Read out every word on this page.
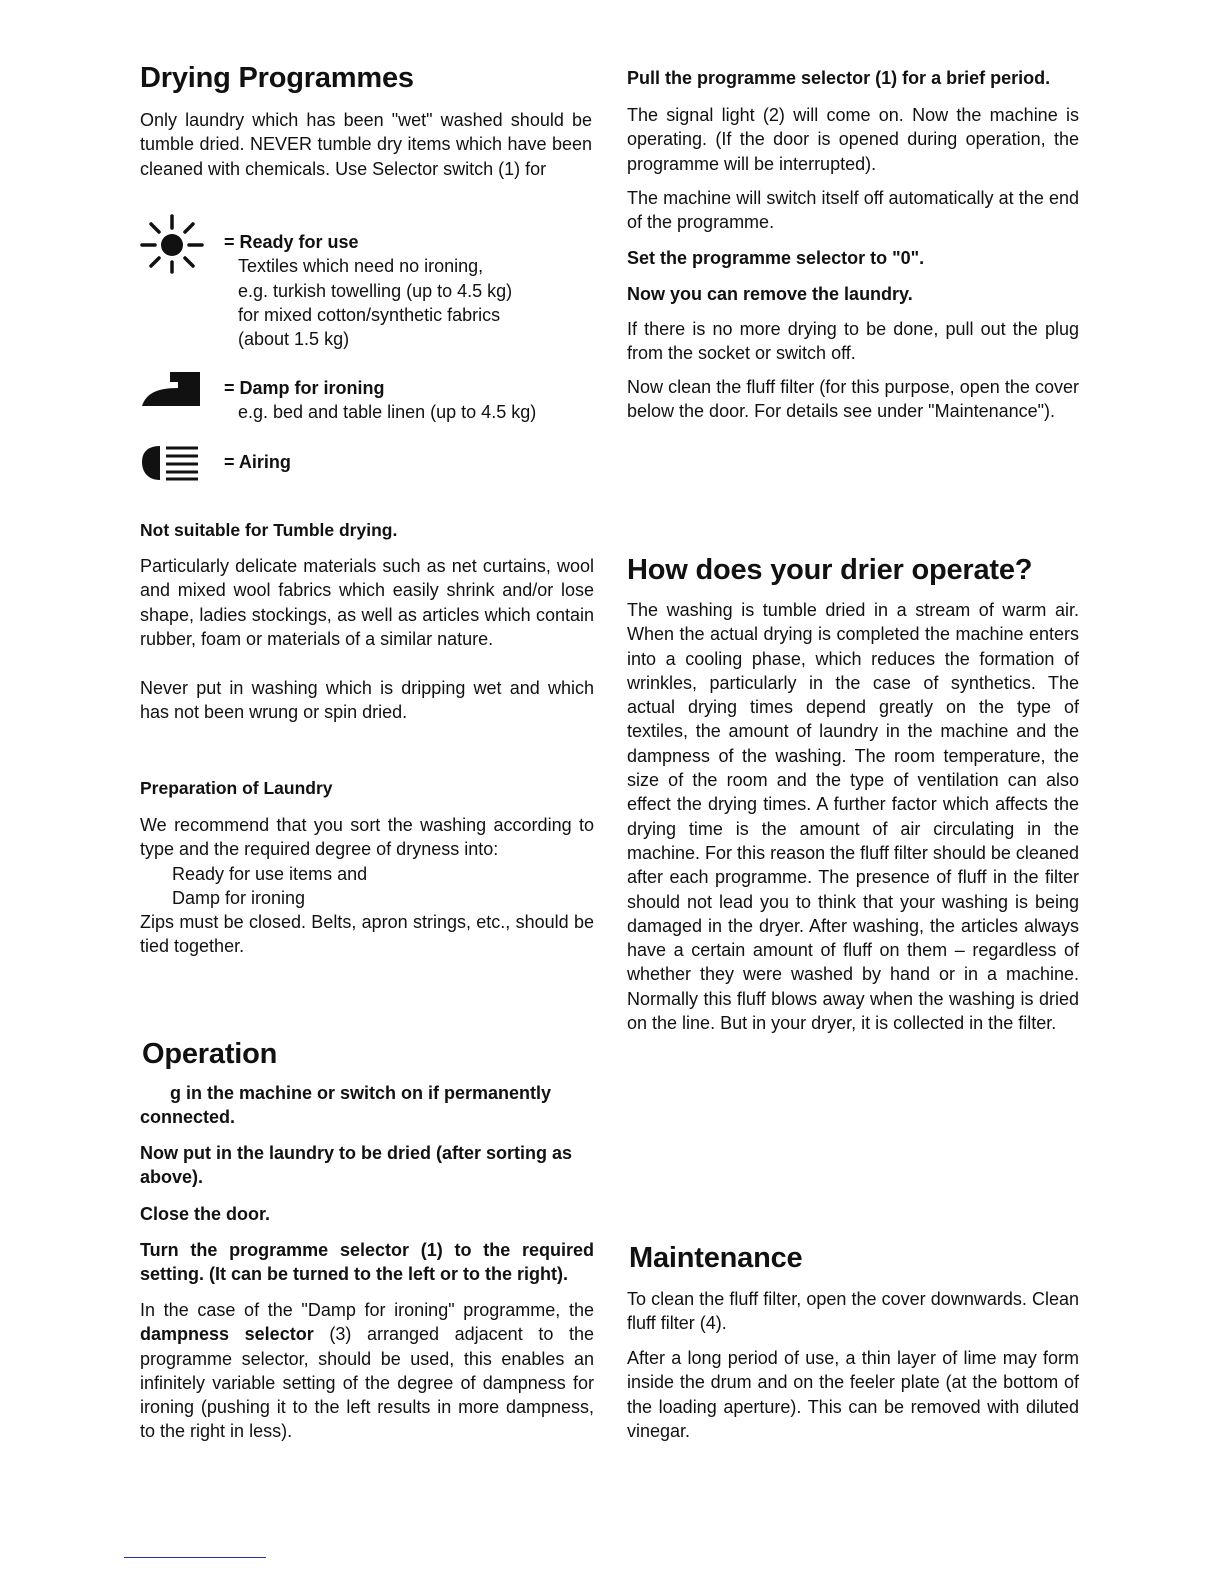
Drying Programmes

Only laundry which has been "wet" washed should be tumble dried. NEVER tumble dry items which have been cleaned with chemicals. Use Selector switch (1) for

= Ready for use

Textiles which need no ironing,

e.g. turkish towelling (up to 4.5 kg)

for mixed cotton/synthetic fabrics

(about 1.5 kg)

= Damp for ironing

e.g. bed and table linen (up to 4.5 kg)

= Airing

Not suitable for Tumble drying.

Particularly delicate materials such as net curtains, wool and mixed wool fabrics which easily shrink and/or lose shape, ladies stockings, as well as articles which contain rubber, foam or materials of a similar nature.

Never put in washing which is dripping wet and which has not been wrung or spin dried.

Preparation of Laundry

We recommend that you sort the washing according to type and the required degree of dryness into:

Ready for use items and

Damp for ironing

Zips must be closed. Belts, apron strings, etc., should be tied together.

Operation

g in the machine or switch on if permanently connected.

Now put in the laundry to be dried (after sorting as above).

Close the door.

Turn the programme selector (1) to the required setting. (It can be turned to the left or to the right).

In the case of the "Damp for ironing" programme, the dampness selector (3) arranged adjacent to the programme selector, should be used, this enables an infinitely variable setting of the degree of dampness for ironing (pushing it to the left results in more dampness, to the right in less).

Pull the programme selector (1) for a brief period.

The signal light (2) will come on. Now the machine is operating. (If the door is opened during operation, the programme will be interrupted).

The machine will switch itself off automatically at the end of the programme.

Set the programme selector to "0".

Now you can remove the laundry.

If there is no more drying to be done, pull out the plug from the socket or switch off.

Now clean the fluff filter (for this purpose, open the cover below the door. For details see under "Maintenance").

How does your drier operate?

The washing is tumble dried in a stream of warm air. When the actual drying is completed the machine enters into a cooling phase, which reduces the formation of wrinkles, particularly in the case of synthetics. The actual drying times depend greatly on the type of textiles, the amount of laundry in the machine and the dampness of the washing. The room temperature, the size of the room and the type of ventilation can also effect the drying times. A further factor which affects the drying time is the amount of air circulating in the machine. For this reason the fluff filter should be cleaned after each programme. The presence of fluff in the filter should not lead you to think that your washing is being damaged in the dryer. After washing, the articles always have a certain amount of fluff on them – regardless of whether they were washed by hand or in a machine. Normally this fluff blows away when the washing is dried on the line. But in your dryer, it is collected in the filter.

Maintenance

To clean the fluff filter, open the cover downwards. Clean fluff filter (4).

After a long period of use, a thin layer of lime may form inside the drum and on the feeler plate (at the bottom of the loading aperture). This can be removed with diluted vinegar.
